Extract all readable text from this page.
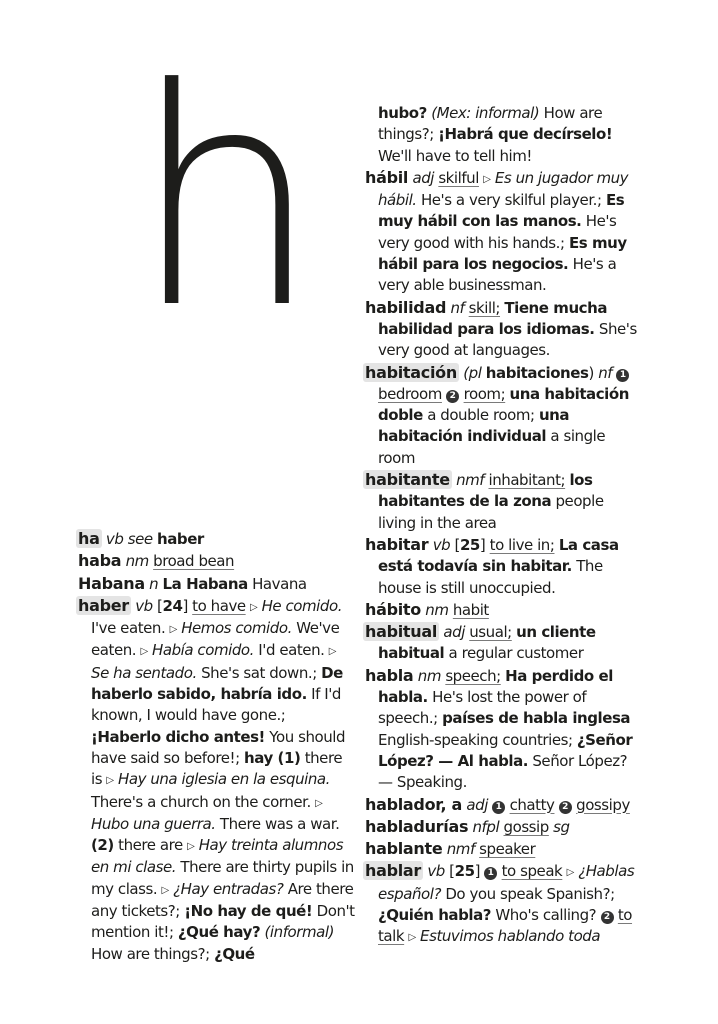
h

ha vb see haber

haba nm broad bean

Habana n La Habana Havana

haber vb [24] to have ▷ He comido. I've eaten. ▷ Hemos comido. We've eaten. ▷ Había comido. I'd eaten. ▷ Se ha sentado. She's sat down.; De haberlo sabido, habría ido. If I'd known, I would have gone.; ¡Haberlo dicho antes! You should have said so before!; hay (1) there is ▷ Hay una iglesia en la esquina. There's a church on the corner. ▷ Hubo una guerra. There was a war. (2) there are ▷ Hay treinta alumnos en mi clase. There are thirty pupils in my class. ▷ ¿Hay entradas? Are there any tickets?; ¡No hay de qué! Don't mention it!; ¿Qué hay? (informal) How are things?; ¿Qué

hubo? (Mex: informal) How are things?; ¡Habrá que decírselo! We'll have to tell him!

hábil adj skilful ▷ Es un jugador muy hábil. He's a very skilful player.; Es muy hábil con las manos. He's very good with his hands.; Es muy hábil para los negocios. He's a very able businessman.

habilidad nf skill; Tiene mucha habilidad para los idiomas. She's very good at languages.

habitación (pl habitaciones) nf 1 bedroom 2 room; una habitación doble a double room; una habitación individual a single room

habitante nmf inhabitant; los habitantes de la zona people living in the area

habitar vb [25] to live in; La casa está todavía sin habitar. The house is still unoccupied.

hábito nm habit

habitual adj usual; un cliente habitual a regular customer

habla nm speech; Ha perdido el habla. He's lost the power of speech.; países de habla inglesa English-speaking countries; ¿Señor López? — Al habla. Señor López? — Speaking.

hablador, a adj 1 chatty 2 gossipy

habladurías nfpl gossip sg

hablante nmf speaker

hablar vb [25] 1 to speak ▷ ¿Hablas español? Do you speak Spanish?; ¿Quién habla? Who's calling? 2 to talk ▷ Estuvimos hablando toda
